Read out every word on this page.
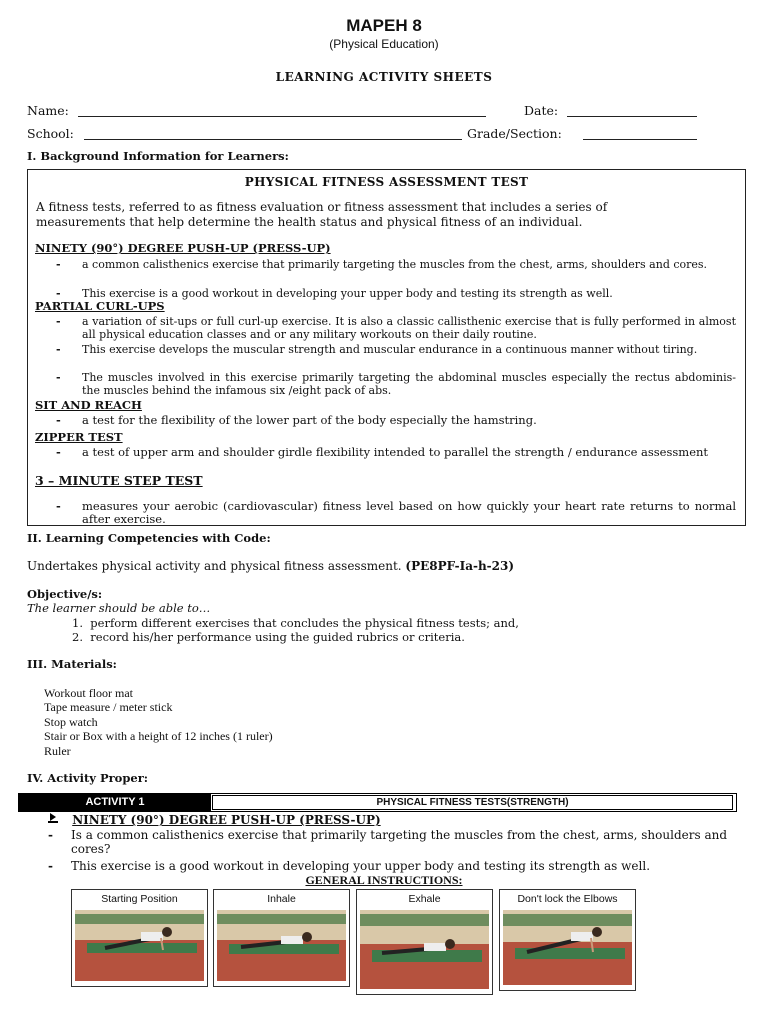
MAPEH 8
(Physical Education)
LEARNING ACTIVITY SHEETS
Name:	Date:
School:	Grade/Section:
I. Background Information for Learners:
PHYSICAL FITNESS ASSESSMENT TEST
A fitness tests, referred to as fitness evaluation or fitness assessment that includes a series of
measurements that help determine the health status and physical fitness of an individual.
NINETY (90°) DEGREE PUSH-UP (PRESS-UP)
- a common calisthenics exercise that primarily targeting the muscles from the chest, arms, shoulders and cores.
- This exercise is a good workout in developing your upper body and testing its strength as well.
PARTIAL CURL-UPS
- a variation of sit-ups or full curl-up exercise. It is also a classic callisthenic exercise that is fully performed in almost all physical education classes and or any military workouts on their daily routine.
- This exercise develops the muscular strength and muscular endurance in a continuous manner without tiring.
- The muscles involved in this exercise primarily targeting the abdominal muscles especially the rectus abdominis- the muscles behind the infamous six /eight pack of abs.
SIT AND REACH
- a test for the flexibility of the lower part of the body especially the hamstring.
ZIPPER TEST
- a test of upper arm and shoulder girdle flexibility intended to parallel the strength / endurance assessment
3 – MINUTE STEP TEST
- measures your aerobic (cardiovascular) fitness level based on how quickly your heart rate returns to normal after exercise.
II. Learning Competencies with Code:
Undertakes physical activity and physical fitness assessment. (PE8PF-Ia-h-23)
Objective/s:
The learner should be able to…
1.  perform different exercises that concludes the physical fitness tests; and,
2.  record his/her performance using the guided rubrics or criteria.
III. Materials:
Workout floor mat
Tape measure / meter stick
Stop watch
Stair or Box with a height of 12 inches (1 ruler)
Ruler
IV. Activity Proper:
ACTIVITY 1	PHYSICAL FITNESS TESTS(STRENGTH)
NINETY (90°) DEGREE PUSH-UP (PRESS-UP)
- Is a common calisthenics exercise that primarily targeting the muscles from the chest, arms, shoulders and cores?
- This exercise is a good workout in developing your upper body and testing its strength as well.
GENERAL INSTRUCTIONS:
Starting Position	Inhale	Exhale	Don't lock the Elbows
